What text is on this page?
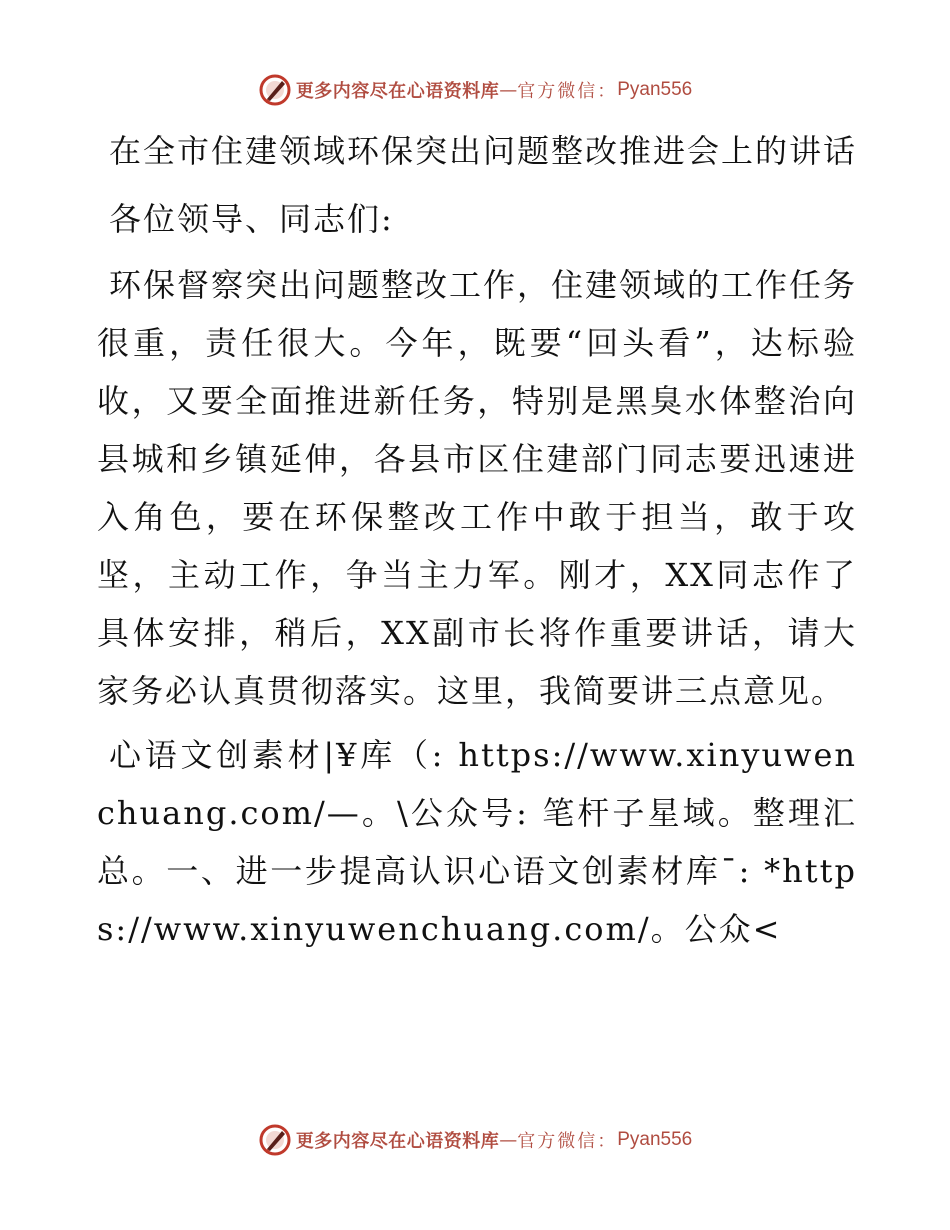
更多内容尽在心语资料库 — 官方微信： Pyan556

在全市住建领域环保突出问题整改推进会上的讲话

各位领导、同志们:

环保督察突出问题整改工作，住建领域的工作任务很重，责任很大。今年，既要“回头看”，达标验收，又要全面推进新任务，特别是黑臭水体整治向县城和乡镇延伸，各县市区住建部门同志要迅速进入角色，要在环保整改工作中敢于担当，敢于攻坚，主动工作，争当主力军。刚才，XX同志作了具体安排，稍后，XX副市长将作重要讲话，请大家务必认真贯彻落实。这里，我简要讲三点意见。

心语文创素材|¥库（: https://www.xinyuwenchuang.com/—。\公众号: 笔杆子星域。整理汇总。一、进一步提高认识心语文创素材库¯: *https://www.xinyuwenchuang.com/。公众<

更多内容尽在心语资料库 — 官方微信： Pyan556
